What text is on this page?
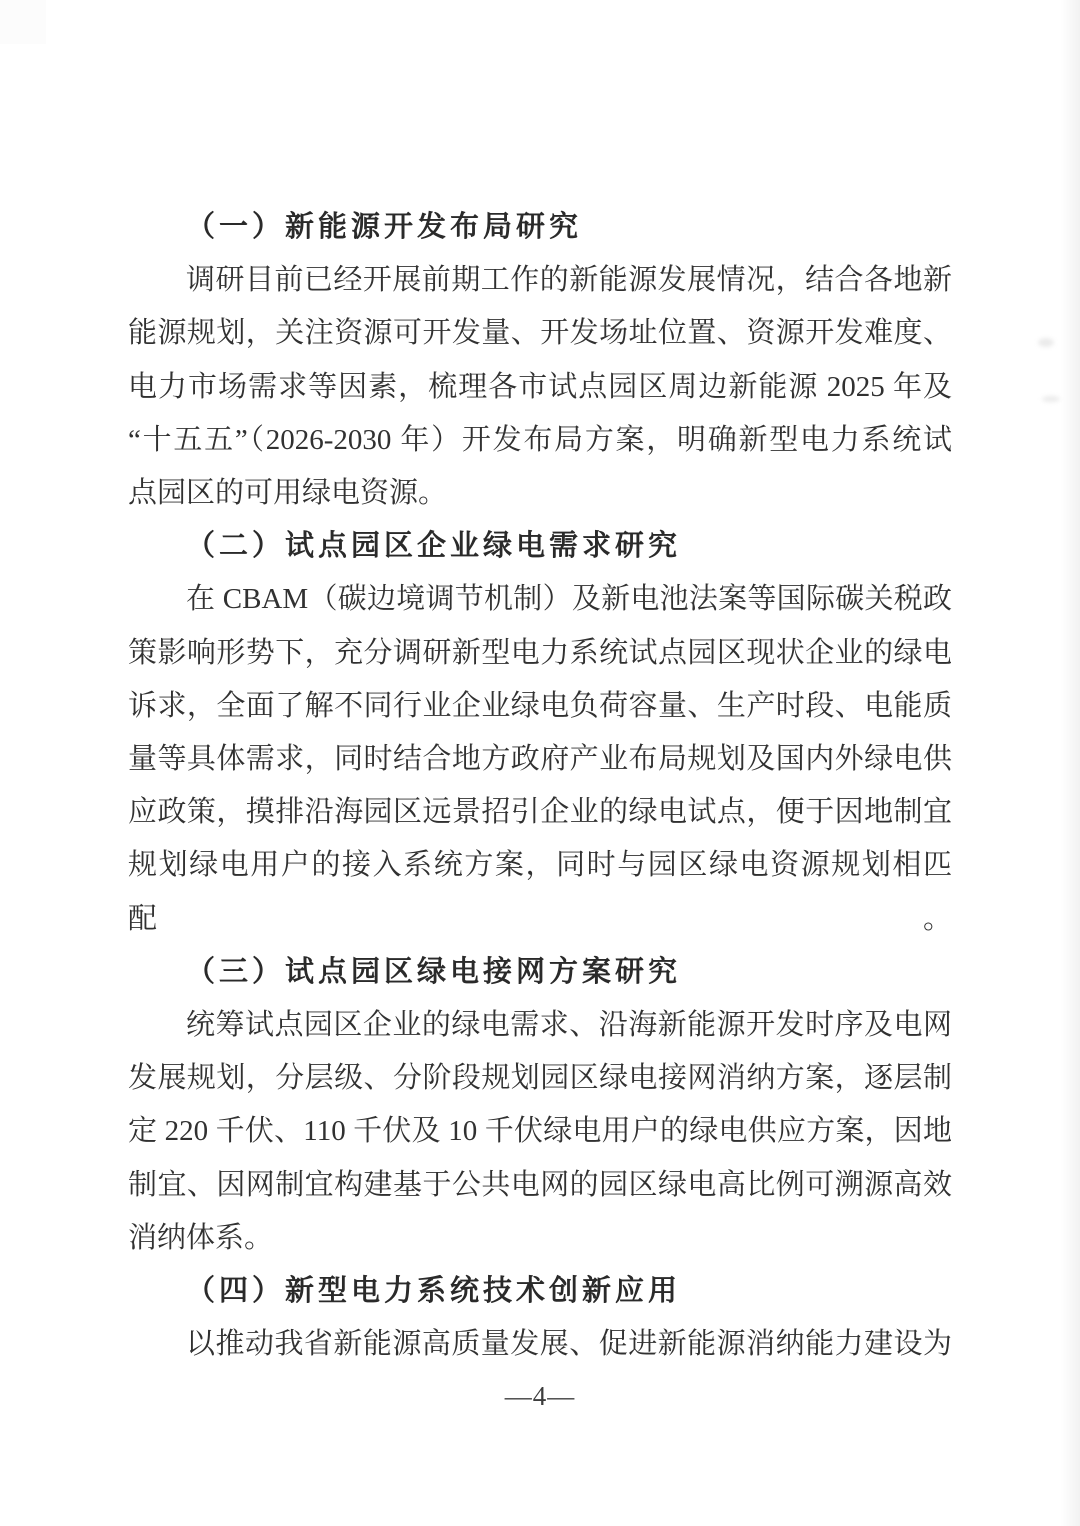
（一）新能源开发布局研究
调研目前已经开展前期工作的新能源发展情况，结合各地新
能源规划，关注资源可开发量、开发场址位置、资源开发难度、
电力市场需求等因素，梳理各市试点园区周边新能源 2025 年及
“十五五”（2026-2030 年）开发布局方案，明确新型电力系统试
点园区的可用绿电资源。
（二）试点园区企业绿电需求研究
在 CBAM（碳边境调节机制）及新电池法案等国际碳关税政
策影响形势下，充分调研新型电力系统试点园区现状企业的绿电
诉求，全面了解不同行业企业绿电负荷容量、生产时段、电能质
量等具体需求，同时结合地方政府产业布局规划及国内外绿电供
应政策，摸排沿海园区远景招引企业的绿电试点，便于因地制宜
规划绿电用户的接入系统方案，同时与园区绿电资源规划相匹配。
（三）试点园区绿电接网方案研究
统筹试点园区企业的绿电需求、沿海新能源开发时序及电网
发展规划，分层级、分阶段规划园区绿电接网消纳方案，逐层制
定 220 千伏、110 千伏及 10 千伏绿电用户的绿电供应方案，因地
制宜、因网制宜构建基于公共电网的园区绿电高比例可溯源高效
消纳体系。
（四）新型电力系统技术创新应用
以推动我省新能源高质量发展、促进新能源消纳能力建设为
—4—
